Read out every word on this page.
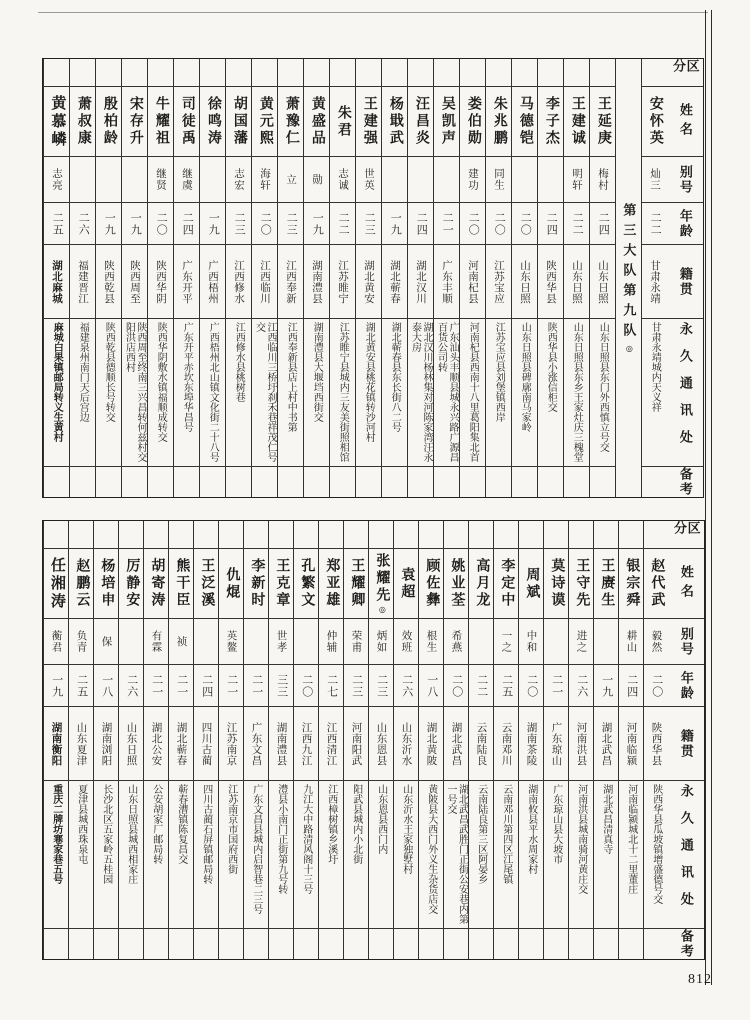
区分
姓名
别号
年龄
籍贯
永久通讯处
备考
安怀英
灿三
二二
甘肃永靖
甘肃永靖城内天义祥
第三大队第九队◎
王延庚
梅村
二四
山东日照
山东日照县东门外西慎立号交
王建诚
明轩
二二
山东日照
山东日照县东乡王家灶庆三槐堂
李子杰
二四
陕西华县
陕西华县小涨信柜交
马德铠
二〇
山东日照
山东日照县碑廓南马家岭
朱兆鹏
同生
二〇
江苏宝应
江苏宝应县刘堡镇西岸
娄伯勋
建功
二〇
河南杞县
河南杞县西南十八里葛阳集北首
吴凯声
二一
广东丰顺
广东汕头丰顺县城永兴路广源昌百货公司转
汪昌炎
二四
湖北汉川
湖北汉川杨林集对河陈家湾汪永泰大房
杨戢武
一九
湖北蕲春
湖北蕲春县东长街八二号
王建强
世英
二三
湖北黄安
湖北黄安县桃花镇转沙河村
朱君
志诚
二二
江苏睢宁
江苏睢宁县城内三友美街照相馆
黄盛品
勋
一九
湖南澧县
湖南澧县大堰垱西街交
萧豫仁
立
二三
江西奉新
江西奉新县店上村中书第
黄元熙
海轩
二〇
江西临川
江西临川三桥圩刹禾巷祥茂仁号交
胡国藩
志宏
二三
江西修水
江西修水县桃树巷
徐鸣涛
一九
广西梧州
广西梧州北山镇文化街二十八号
司徒禹
继虞
二四
广东开平
广东开平赤坎东埠华昌号
牛耀祖
继贤
二〇
陕西华阴
陕西华阴敷水镇福顺成转交
宋存升
一九
陕西周至
陕西周至终南三兴昌转何兹村交阳洪店西村
殷柏龄
一九
陕西乾县
陕西乾县德顺长号转交
萧叔康
二六
福建晋江
福建泉州南门天后宫边
黄慕嶙
志亮
二五
湖北麻城
麻城白果镇邮局转义生黄村
区分
姓名
别号
年龄
籍贯
永久通讯处
备考
赵代武
毅然
二〇
陕西华县
陕西华县瓜坡镇增盛德号交
银宗舜
耕山
二四
河南临颍
河南临颍城北十二里董庄
王赓生
一九
湖北武昌
湖北武昌清真寺
王守先
进之
二六
河南洪县
河南洪县城南骑河黄庄交
莫诗谟
二一
广东琼山
广东琼山县大坡市
周斌
中和
二〇
湖南茶陵
湖南攸县平水周家村
李定中
一之
二五
云南邓川
云南邓川第四区江尾镇
高月龙
二二
云南陆良
云南陆良第三区阿晏乡
姚业荃
希燕
二〇
湖北武昌
湖北武昌武胜门正街公安巷内第一号交
顾佐彝
根生
一八
湖北黄陂
黄陂县大西门外义生杂货店交
袁超
效班
二六
山东沂水
山东沂水王家独墅村
张耀先◎
炳如
二三
山东恩县
山东恩县西门内
王耀卿
荣甫
二三
河南阳武
阳武县城内小北街
郑亚雄
仲辅
二七
江西清江
江西樟树镇乡溪圩
孔繁文
二〇
江西九江
九江大中路清风阁十三号
王克章
世孝
三三
湖南澧县
澧县小南门正街第九号转
李新时
二一
广东文昌
广东文昌县城内启智巷二三号
仇焜
英鳌
二一
江苏南京
江苏南京市国府西街
王泛溪
二四
四川古蔺
四川古蔺石屏镇邮局转
熊干臣
祯
二一
湖北蕲春
蕲春漕镇陈复昌交
胡寄涛
有霖
二一
湖北公安
公安胡家厂邮局转
厉静安
二六
山东日照
山东日照县城西相家庄
杨培申
保
一八
湖南浏阳
长沙北区五家岭五桂园
赵鹏云
负青
二五
山东夏津
夏津县城西珠泉屯
任湘涛
蘅君
一九
湖南衡阳
重庆二牌坊寋家巷五号
812
